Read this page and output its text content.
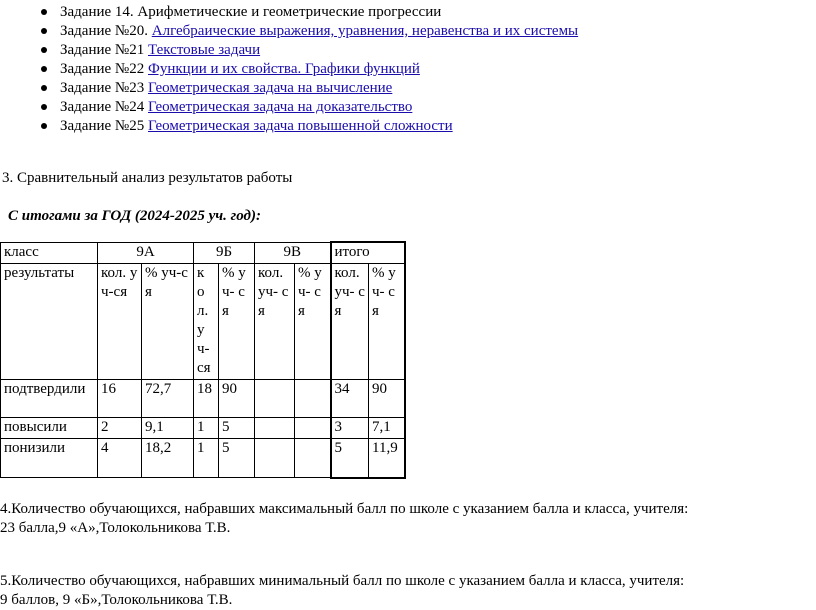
Задание 14. Арифметические и геометрические прогрессии
Задание №20. Алгебраические выражения, уравнения, неравенства и их системы
Задание №21 Текстовые задачи
Задание №22 Функции и их свойства. Графики функций
Задание №23 Геометрическая задача на вычисление
Задание №24 Геометрическая задача на доказательство
Задание №25 Геометрическая задача повышенной сложности
3. Сравнительный анализ результатов работы
С итогами за ГОД (2024-2025 уч. год):
класс	9А		9Б		9В		итого	
результаты	кол. уч-ся	% уч-ся	к о л. у ч- ся	% уч- ся	кол. уч- ся	% уч- ся	кол. уч- ся	% уч- ся
подтвердили	16	72,7	18	90			34	90
повысили	2	9,1	1	5			3	7,1
понизили	4	18,2	1	5			5	11,9
4.Количество обучающихся, набравших максимальный балл по школе с указанием балла и класса, учителя:
23 балла,9 «А»,Толокольникова Т.В.
5.Количество обучающихся, набравших минимальный балл по школе с указанием балла и класса, учителя:
9 баллов, 9 «Б»,Толокольникова Т.В.
